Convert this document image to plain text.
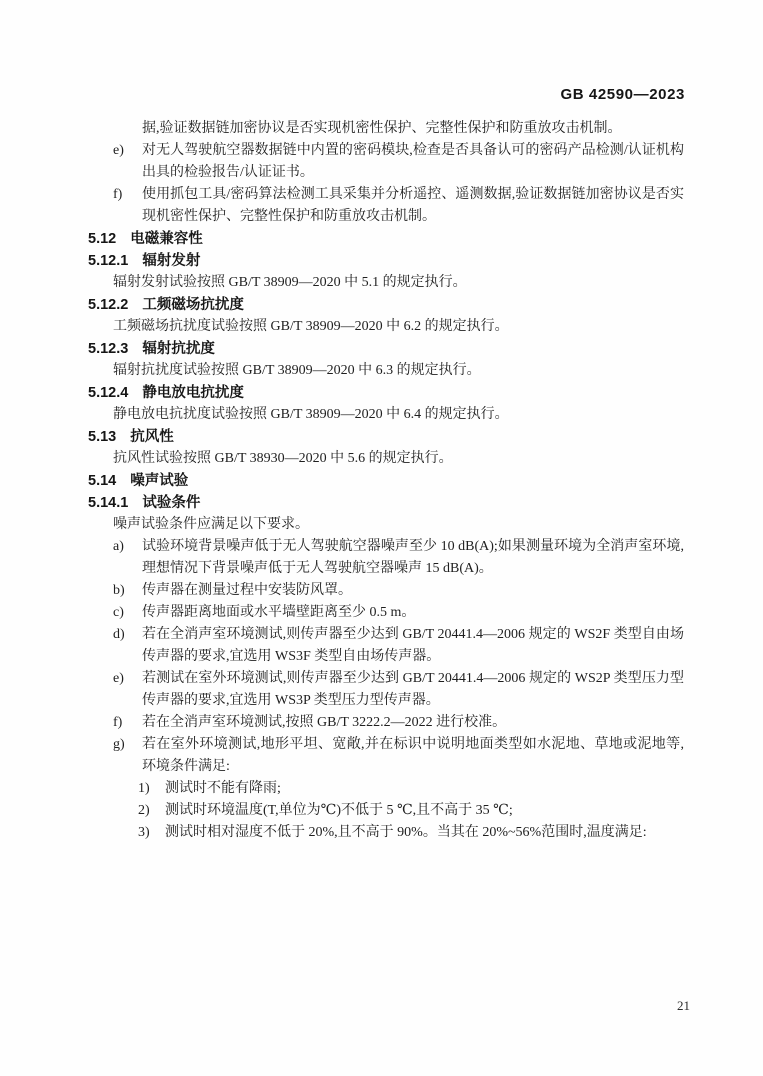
GB 42590—2023
据,验证数据链加密协议是否实现机密性保护、完整性保护和防重放攻击机制。
e) 对无人驾驶航空器数据链中内置的密码模块,检查是否具备认可的密码产品检测/认证机构出具的检验报告/认证证书。
f) 使用抓包工具/密码算法检测工具采集并分析遥控、遥测数据,验证数据链加密协议是否实现机密性保护、完整性保护和防重放攻击机制。
5.12 电磁兼容性
5.12.1 辐射发射
辐射发射试验按照 GB/T 38909—2020 中 5.1 的规定执行。
5.12.2 工频磁场抗扰度
工频磁场抗扰度试验按照 GB/T 38909—2020 中 6.2 的规定执行。
5.12.3 辐射抗扰度
辐射抗扰度试验按照 GB/T 38909—2020 中 6.3 的规定执行。
5.12.4 静电放电抗扰度
静电放电抗扰度试验按照 GB/T 38909—2020 中 6.4 的规定执行。
5.13 抗风性
抗风性试验按照 GB/T 38930—2020 中 5.6 的规定执行。
5.14 噪声试验
5.14.1 试验条件
噪声试验条件应满足以下要求。
a) 试验环境背景噪声低于无人驾驶航空器噪声至少 10 dB(A);如果测量环境为全消声室环境,理想情况下背景噪声低于无人驾驶航空器噪声 15 dB(A)。
b) 传声器在测量过程中安装防风罩。
c) 传声器距离地面或水平墙壁距离至少 0.5 m。
d) 若在全消声室环境测试,则传声器至少达到 GB/T 20441.4—2006 规定的 WS2F 类型自由场传声器的要求,宜选用 WS3F 类型自由场传声器。
e) 若测试在室外环境测试,则传声器至少达到 GB/T 20441.4—2006 规定的 WS2P 类型压力型传声器的要求,宜选用 WS3P 类型压力型传声器。
f) 若在全消声室环境测试,按照 GB/T 3222.2—2022 进行校准。
g) 若在室外环境测试,地形平坦、宽敞,并在标识中说明地面类型如水泥地、草地或泥地等,环境条件满足:
1) 测试时不能有降雨;
2) 测试时环境温度(T,单位为℃)不低于 5 ℃,且不高于 35 ℃;
3) 测试时相对湿度不低于 20%,且不高于 90%。当其在 20%~56%范围时,温度满足:
21
